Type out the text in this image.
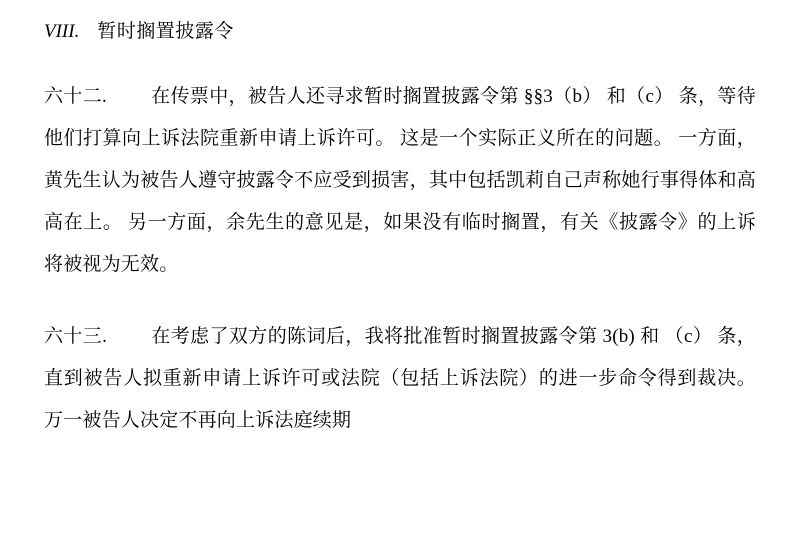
VIII. 暂时搁置披露令

六十二. 在传票中，被告人还寻求暂时搁置披露令第 §§3（b） 和（c） 条，等待他们打算向上诉法院重新申请上诉许可。 这是一个实际正义所在的问题。 一方面，黄先生认为被告人遵守披露令不应受到损害，其中包括凯莉自己声称她行事得体和高高在上。 另一方面，余先生的意见是，如果没有临时搁置，有关《披露令》的上诉将被视为无效。

六十三. 在考虑了双方的陈词后，我将批准暂时搁置披露令第 3(b) 和 （c） 条，直到被告人拟重新申请上诉许可或法院（包括上诉法院）的进一步命令得到裁决。 万一被告人决定不再向上诉法庭续期
